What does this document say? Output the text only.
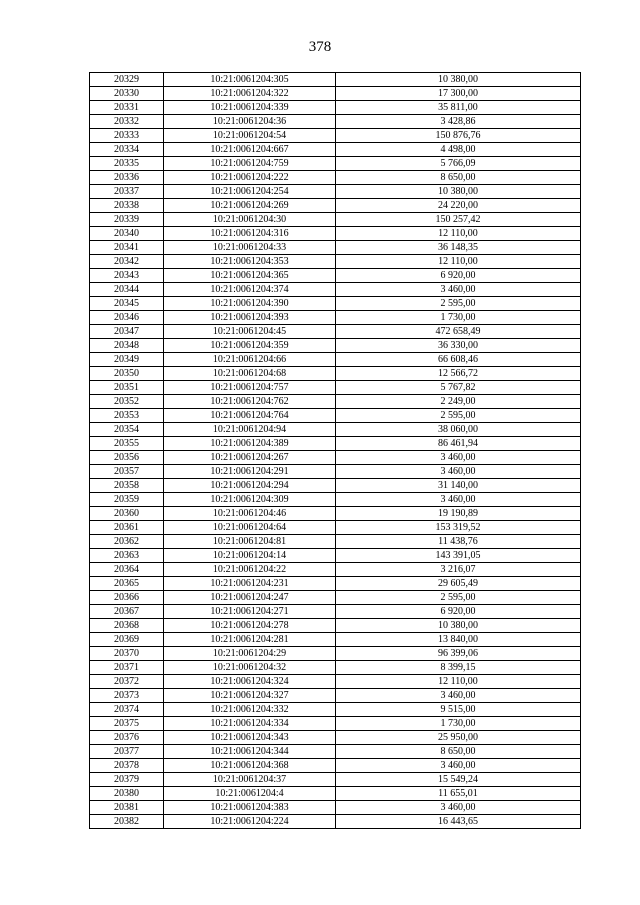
378
20329	10:21:0061204:305	10 380,00
20330	10:21:0061204:322	17 300,00
20331	10:21:0061204:339	35 811,00
20332	10:21:0061204:36	3 428,86
20333	10:21:0061204:54	150 876,76
20334	10:21:0061204:667	4 498,00
20335	10:21:0061204:759	5 766,09
20336	10:21:0061204:222	8 650,00
20337	10:21:0061204:254	10 380,00
20338	10:21:0061204:269	24 220,00
20339	10:21:0061204:30	150 257,42
20340	10:21:0061204:316	12 110,00
20341	10:21:0061204:33	36 148,35
20342	10:21:0061204:353	12 110,00
20343	10:21:0061204:365	6 920,00
20344	10:21:0061204:374	3 460,00
20345	10:21:0061204:390	2 595,00
20346	10:21:0061204:393	1 730,00
20347	10:21:0061204:45	472 658,49
20348	10:21:0061204:359	36 330,00
20349	10:21:0061204:66	66 608,46
20350	10:21:0061204:68	12 566,72
20351	10:21:0061204:757	5 767,82
20352	10:21:0061204:762	2 249,00
20353	10:21:0061204:764	2 595,00
20354	10:21:0061204:94	38 060,00
20355	10:21:0061204:389	86 461,94
20356	10:21:0061204:267	3 460,00
20357	10:21:0061204:291	3 460,00
20358	10:21:0061204:294	31 140,00
20359	10:21:0061204:309	3 460,00
20360	10:21:0061204:46	19 190,89
20361	10:21:0061204:64	153 319,52
20362	10:21:0061204:81	11 438,76
20363	10:21:0061204:14	143 391,05
20364	10:21:0061204:22	3 216,07
20365	10:21:0061204:231	29 605,49
20366	10:21:0061204:247	2 595,00
20367	10:21:0061204:271	6 920,00
20368	10:21:0061204:278	10 380,00
20369	10:21:0061204:281	13 840,00
20370	10:21:0061204:29	96 399,06
20371	10:21:0061204:32	8 399,15
20372	10:21:0061204:324	12 110,00
20373	10:21:0061204:327	3 460,00
20374	10:21:0061204:332	9 515,00
20375	10:21:0061204:334	1 730,00
20376	10:21:0061204:343	25 950,00
20377	10:21:0061204:344	8 650,00
20378	10:21:0061204:368	3 460,00
20379	10:21:0061204:37	15 549,24
20380	10:21:0061204:4	11 655,01
20381	10:21:0061204:383	3 460,00
20382	10:21:0061204:224	16 443,65
